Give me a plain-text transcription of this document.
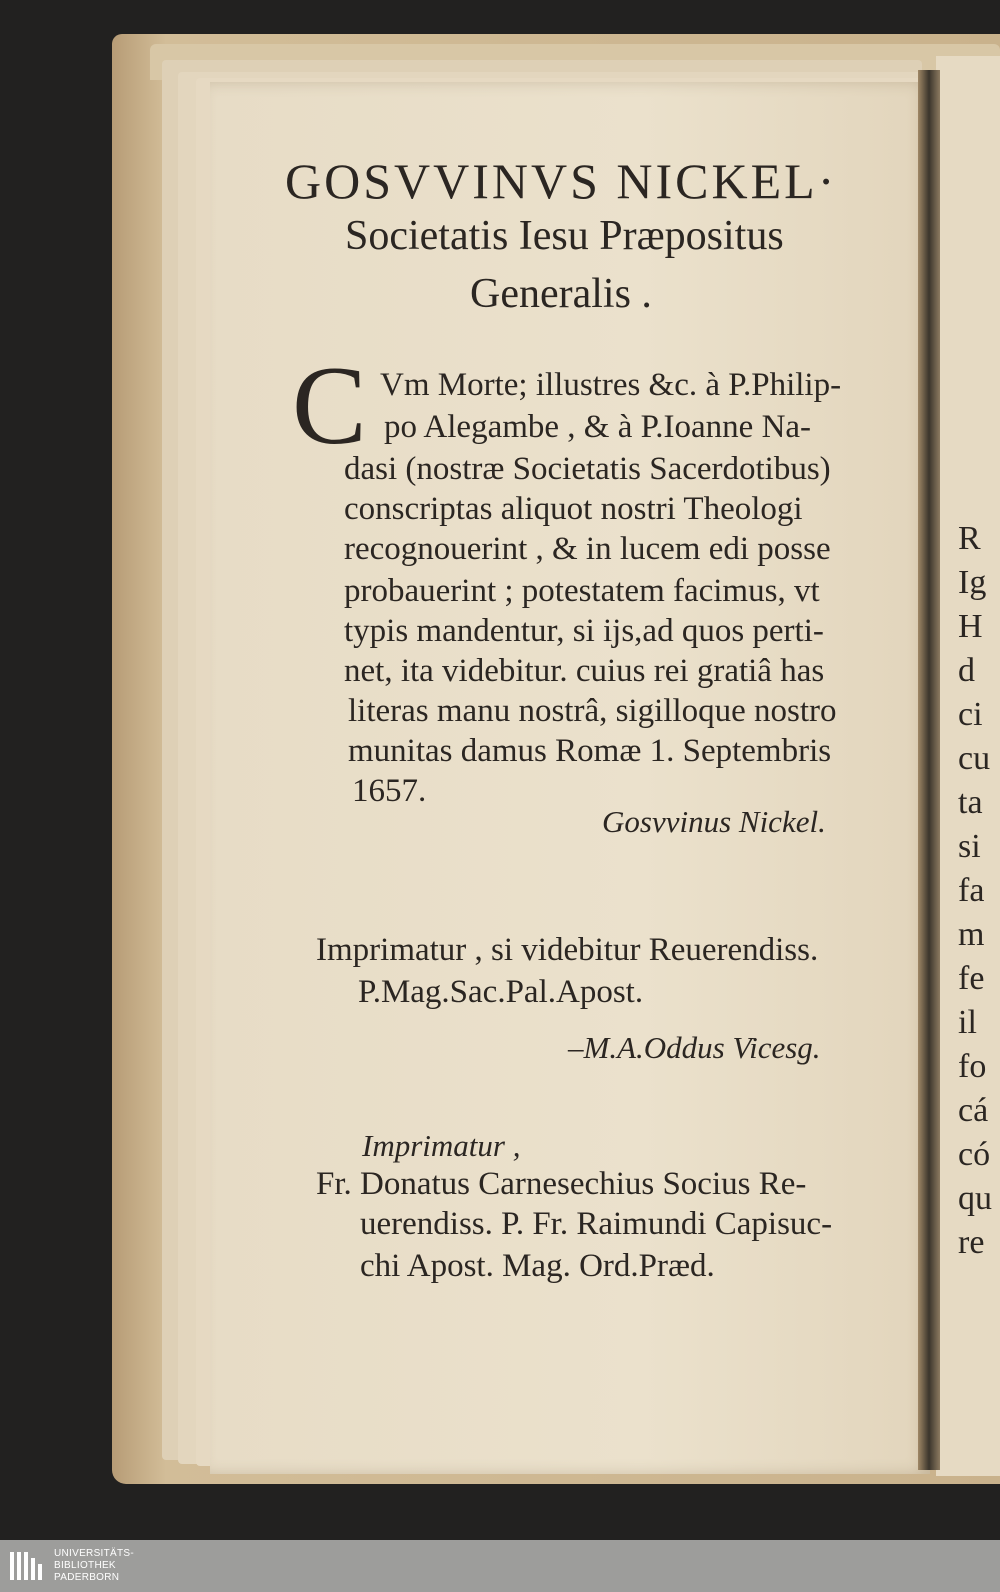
GOSVVINVS NICKEL·
Societatis Iesu Præpositus
Generalis .
C Vm Morte; illustres &c. à P.Philip-
po Alegambe , & à P.Ioanne Na-
dasi (nostræ Societatis Sacerdotibus)
conscriptas aliquot nostri Theologi
recognouerint , & in lucem edi posse
probauerint ; potestatem facimus, vt
typis mandentur, si ijs,ad quos perti-
net, ita videbitur. cuius rei gratiâ has
literas manu nostrâ, sigilloque nostro
munitas damus Romæ 1. Septembris
1657.
Gosvvinus Nickel.
Imprimatur , si videbitur Reuerendiss.
P.Mag.Sac.Pal.Apost.
–M.A.Oddus Vicesg.
Imprimatur ,
Fr. Donatus Carnesechius Socius Re-
uerendiss. P. Fr. Raimundi Capisuc-
chi Apost. Mag. Ord.Præd.
R
Ig
H
d
ci
cu
ta
si
fa
m
fe
il
fo
cá
có
qu
re
UNIVERSITÄTS-
BIBLIOTHEK
PADERBORN
